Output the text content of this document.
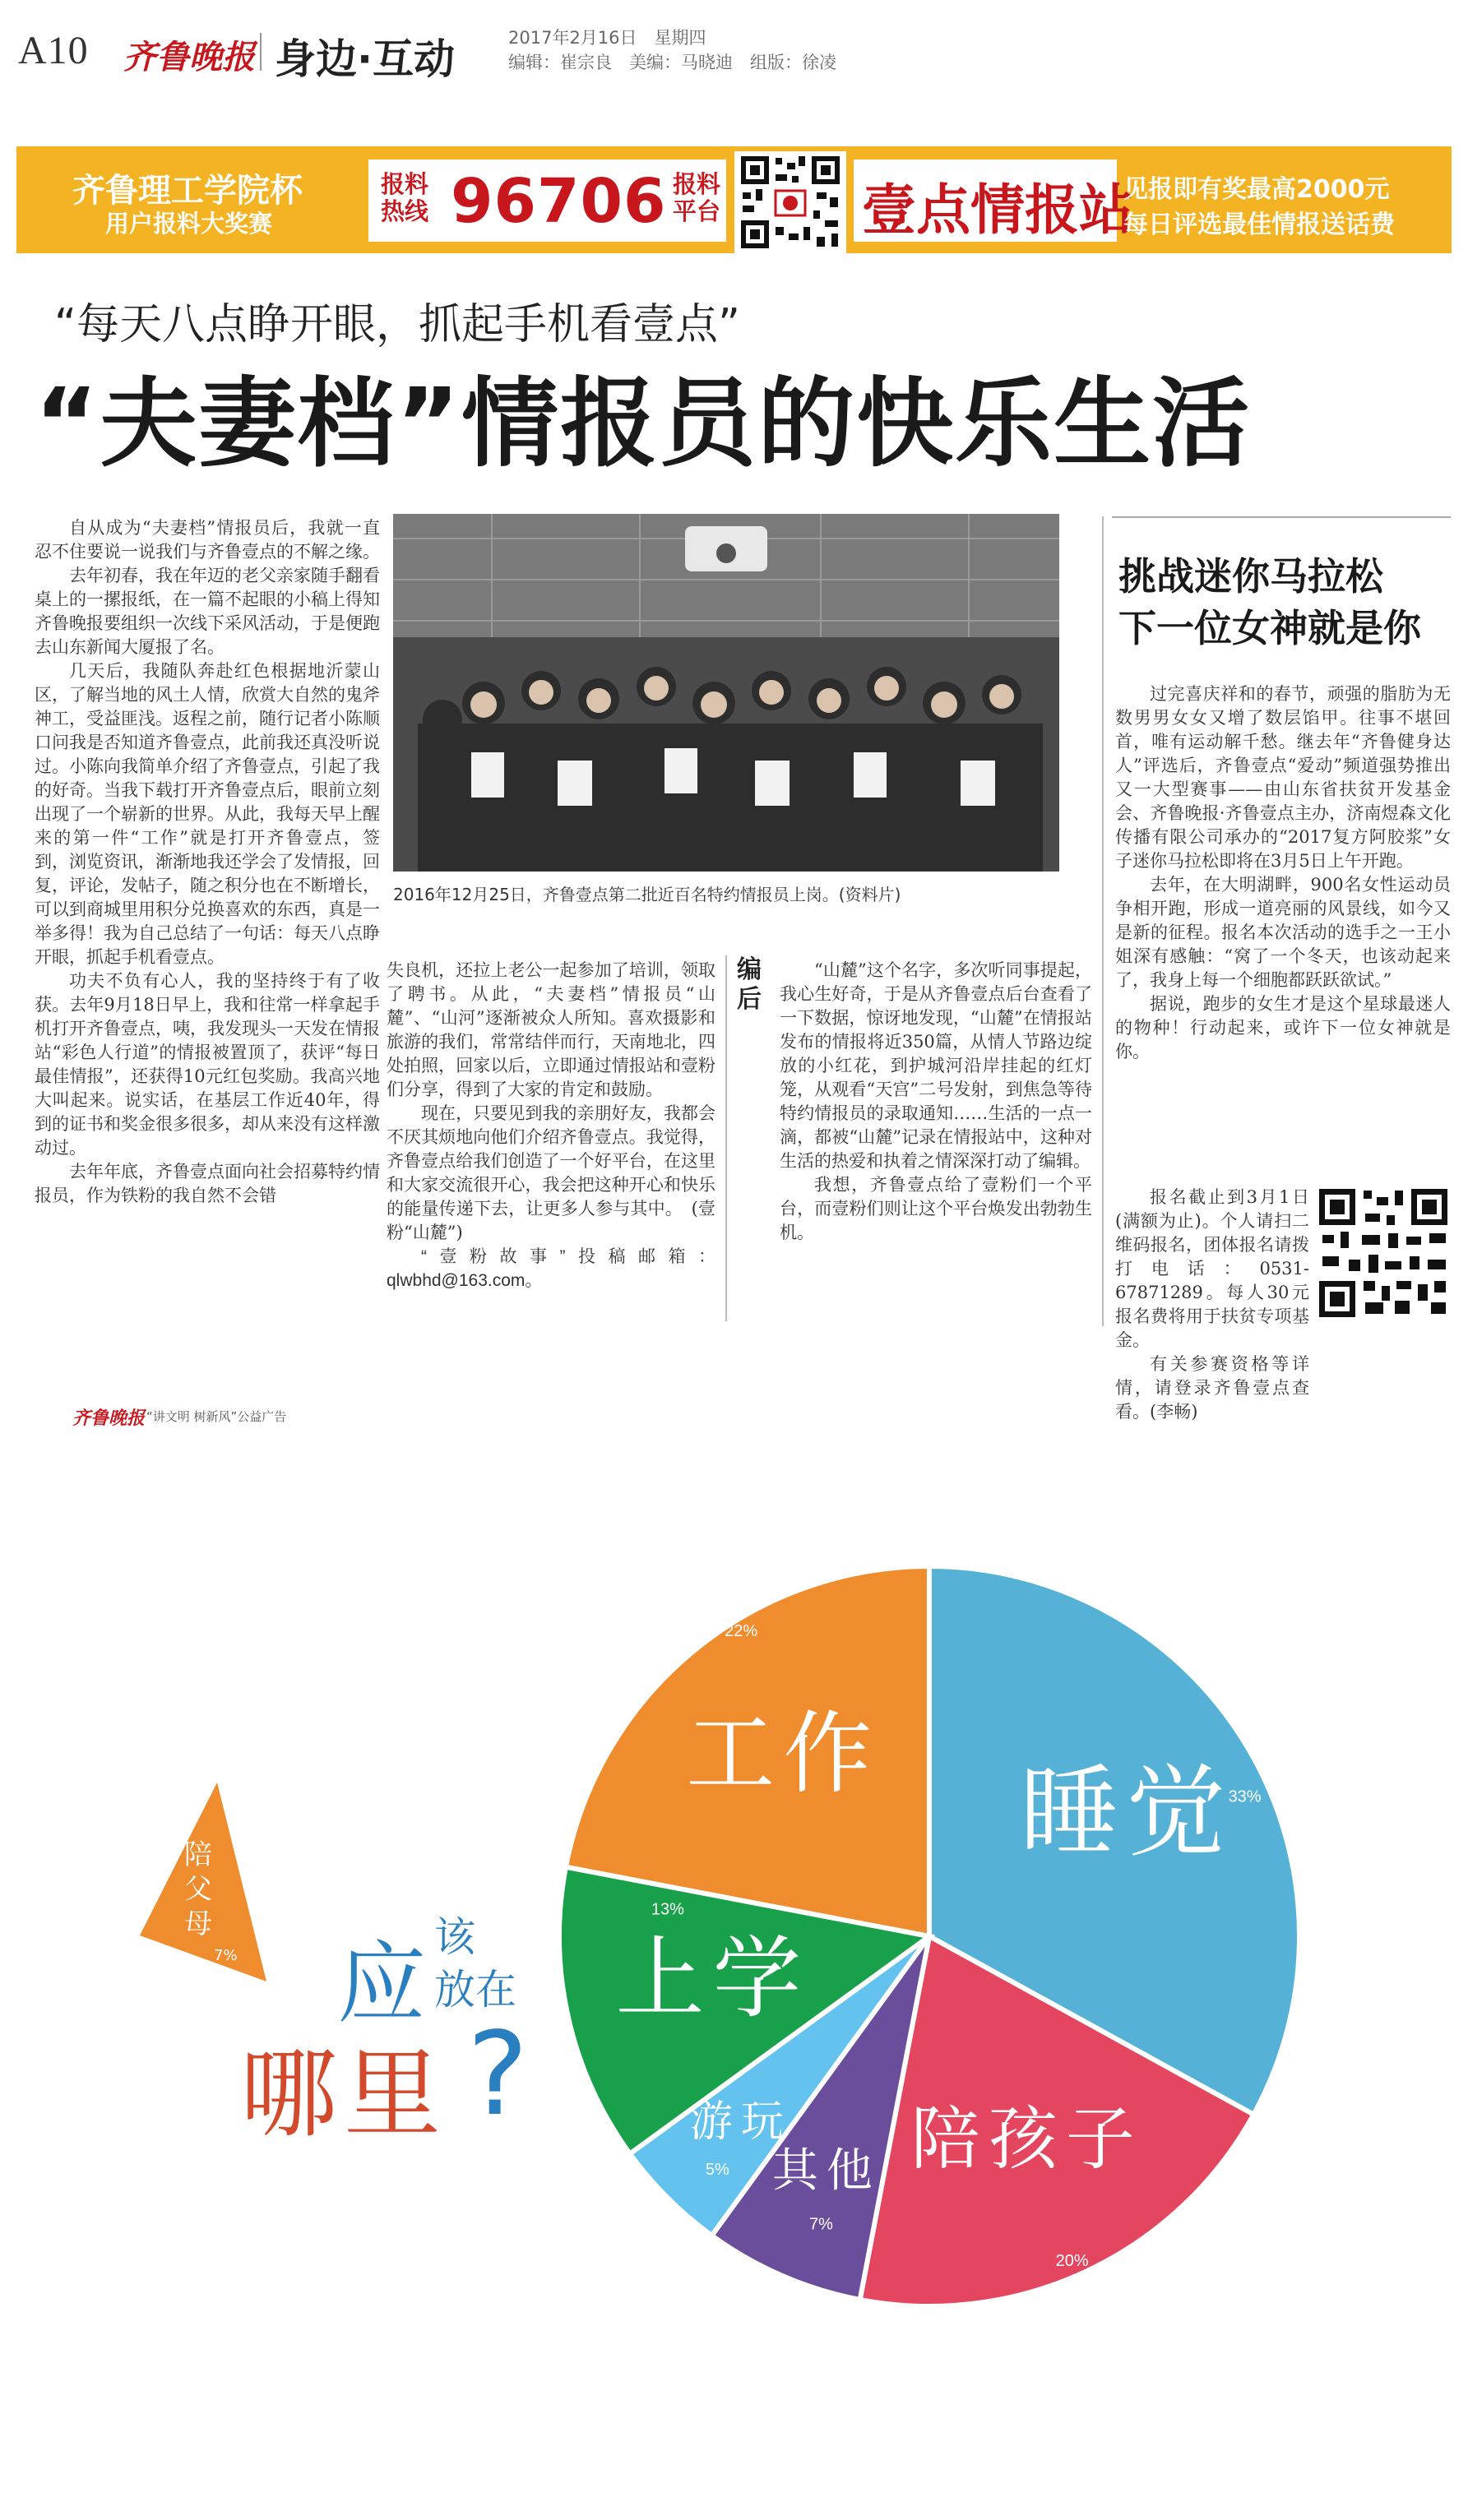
A10 齐鲁晚报 身边·互动	2017年2月16日　星期四
编辑：崔宗良　美编：马晓迪　组版：徐凌
齐鲁理工学院杯
用户报料大奖赛
报料热线 96706 报料平台	壹点情报站
见报即有奖最高2000元
每日评选最佳情报送话费
“每天八点睁开眼，抓起手机看壹点”
“夫妻档”情报员的快乐生活

自从成为“夫妻档”情报员后，我就一直忍不住要说一说我们与齐鲁壹点的不解之缘。

去年初春，我在年迈的老父亲家随手翻看桌上的一摞报纸，在一篇不起眼的小稿上得知齐鲁晚报要组织一次线下采风活动，于是便跑去山东新闻大厦报了名。

几天后，我随队奔赴红色根据地沂蒙山区，了解当地的风土人情，欣赏大自然的鬼斧神工，受益匪浅。返程之前，随行记者小陈顺口问我是否知道齐鲁壹点，此前我还真没听说过。小陈向我简单介绍了齐鲁壹点，引起了我的好奇。当我下载打开齐鲁壹点后，眼前立刻出现了一个崭新的世界。从此，我每天早上醒来的第一件“工作”就是打开齐鲁壹点，签到，浏览资讯，渐渐地我还学会了发情报，回复，评论，发帖子，随之积分也在不断增长，可以到商城里用积分兑换喜欢的东西，真是一举多得！我为自己总结了一句话：每天八点睁开眼，抓起手机看壹点。

功夫不负有心人，我的坚持终于有了收获。去年9月18日早上，我和往常一样拿起手机打开齐鲁壹点，咦，我发现头一天发在情报站“彩色人行道”的情报被置顶了，获评“每日最佳情报”，还获得10元红包奖励。我高兴地大叫起来。说实话，在基层工作近40年，得到的证书和奖金很多很多，却从来没有这样激动过。

去年年底，齐鲁壹点面向社会招募特约情报员，作为铁粉的我自然不会错

2016年12月25日，齐鲁壹点第二批近百名特约情报员上岗。(资料片)

失良机，还拉上老公一起参加了培训，领取了聘书。从此，“夫妻档”情报员“山麓”、“山河”逐渐被众人所知。喜欢摄影和旅游的我们，常常结伴而行，天南地北，四处拍照，回家以后，立即通过情报站和壹粉们分享，得到了大家的肯定和鼓励。

现在，只要见到我的亲朋好友，我都会不厌其烦地向他们介绍齐鲁壹点。我觉得，齐鲁壹点给我们创造了一个好平台，在这里和大家交流很开心，我会把这种开心和快乐的能量传递下去，让更多人参与其中。　(壹粉“山麓”)

“壹粉故事”投稿邮箱：qlwbhd@163.com。

编后

“山麓”这个名字，多次听同事提起，我心生好奇，于是从齐鲁壹点后台查看了一下数据，惊讶地发现，“山麓”在情报站发布的情报将近350篇，从情人节路边绽放的小红花，到护城河沿岸挂起的红灯笼，从观看“天宫”二号发射，到焦急等待特约情报员的录取通知……生活的一点一滴，都被“山麓”记录在情报站中，这种对生活的热爱和执着之情深深打动了编辑。

我想，齐鲁壹点给了壹粉们一个平台，而壹粉们则让这个平台焕发出勃勃生机。

挑战迷你马拉松
下一位女神就是你

过完喜庆祥和的春节，顽强的脂肪为无数男男女女又增了数层馅甲。往事不堪回首，唯有运动解千愁。继去年“齐鲁健身达人”评选后，齐鲁壹点“爱动”频道强势推出又一大型赛事——由山东省扶贫开发基金会、齐鲁晚报·齐鲁壹点主办，济南煜森文化传播有限公司承办的“2017复方阿胶浆”女子迷你马拉松即将在3月5日上午开跑。

去年，在大明湖畔，900名女性运动员争相开跑，形成一道亮丽的风景线，如今又是新的征程。报名本次活动的选手之一王小姐深有感触：“窝了一个冬天，也该动起来了，我身上每一个细胞都跃跃欲试。”

据说，跑步的女生才是这个星球最迷人的物种！行动起来，或许下一位女神就是你。

报名截止到3月1日(满额为止)。个人请扫二维码报名，团体报名请拨打电话：0531-67871289。每人30元报名费将用于扶贫专项基金。

有关参赛资格等详情，请登录齐鲁壹点查看。(李畅)

齐鲁晚报 “讲文明 树新风”公益广告
陪父母
7% 应 该
放在
哪里 ?
睡觉
33%
陪孩子
20%
其他
7%
游玩
5%
上学
13%
工作
22%
